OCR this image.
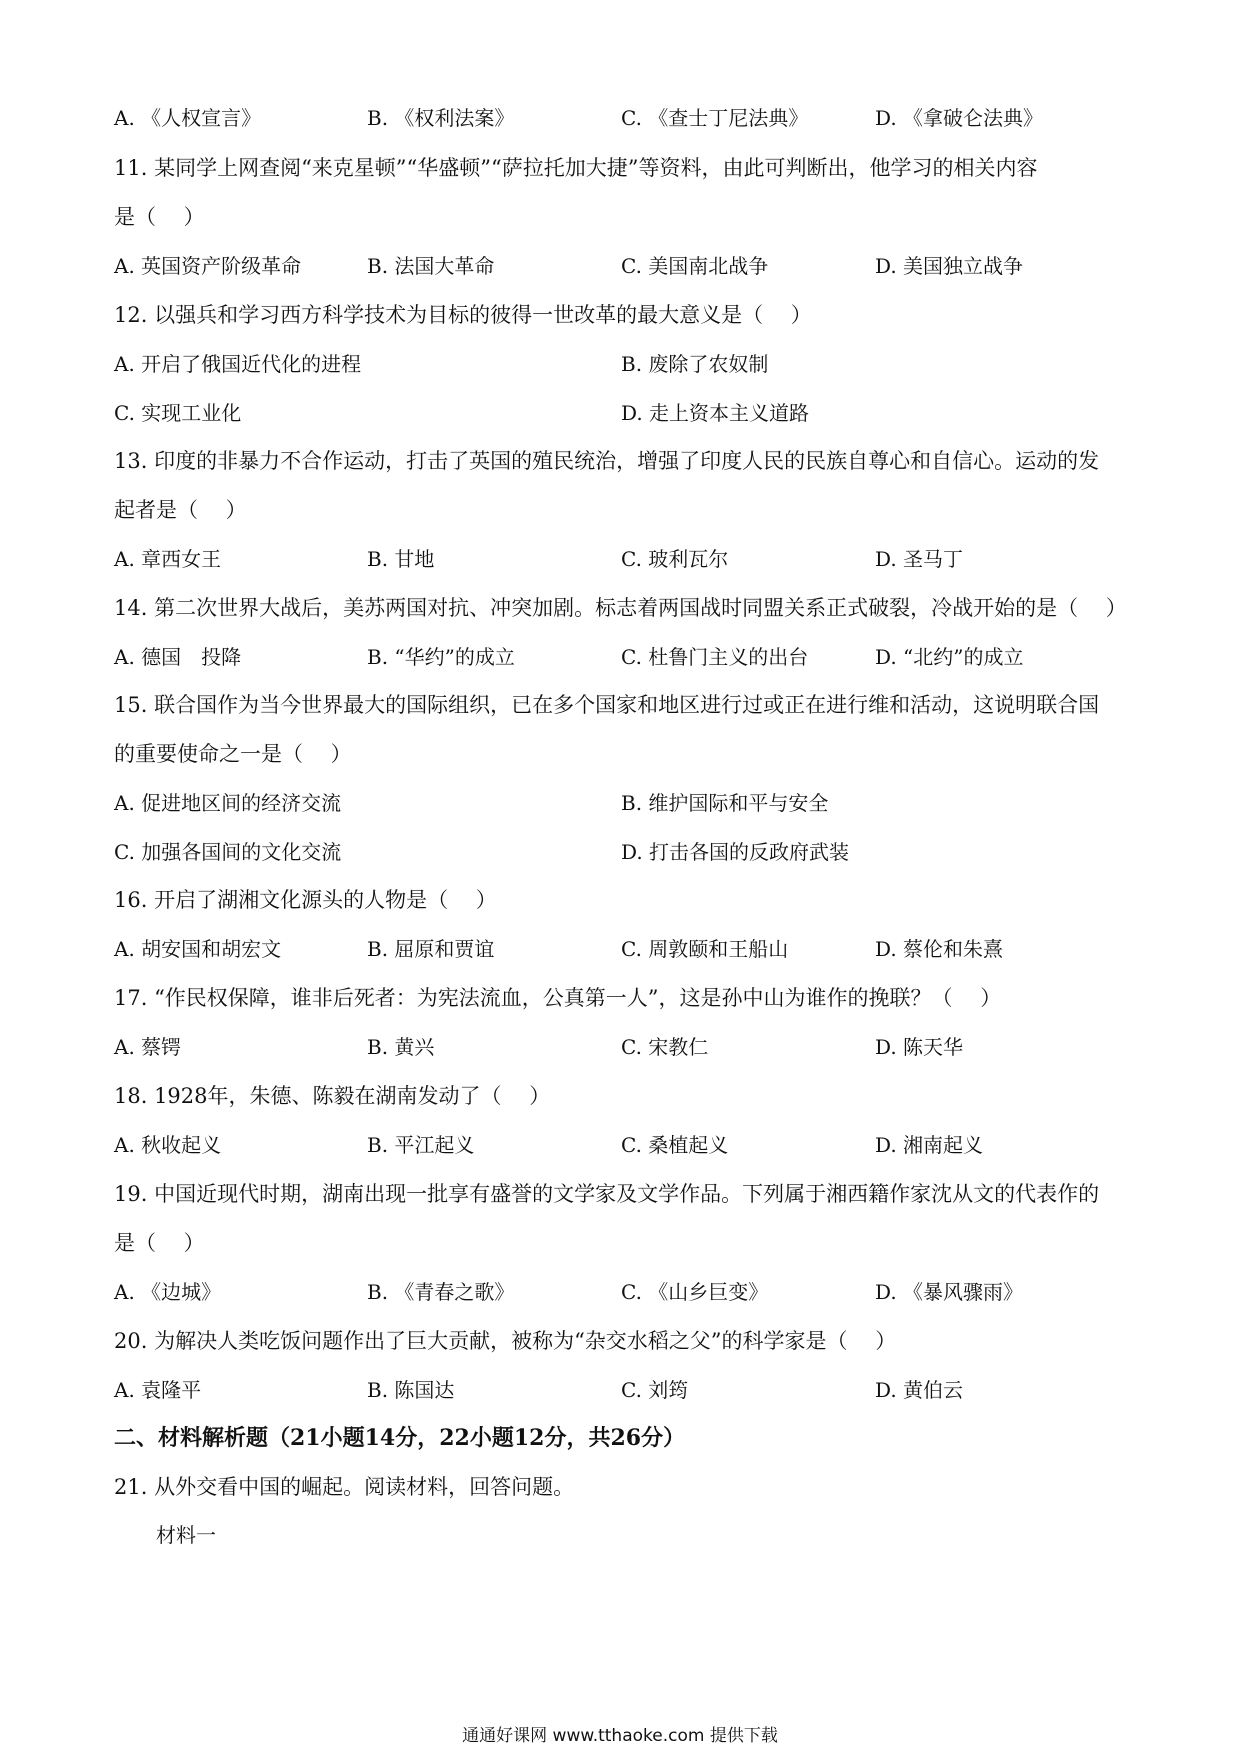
A. 《人权宣言》	B. 《权利法案》	C. 《查士丁尼法典》	D. 《拿破仑法典》
11. 某同学上网查阅“来克星顿”“华盛顿”“萨拉托加大捷”等资料，由此可判断出，他学习的相关内容
是（　 ）
A. 英国资产阶级革命	B. 法国大革命	C. 美国南北战争	D. 美国独立战争
12. 以强兵和学习西方科学技术为目标的彼得一世改革的最大意义是（　 ）
A. 开启了俄国近代化的进程	B. 废除了农奴制
C. 实现工业化	D. 走上资本主义道路
13. 印度的非暴力不合作运动，打击了英国的殖民统治，增强了印度人民的民族自尊心和自信心。运动的发
起者是（　 ）
A. 章西女王	B. 甘地	C. 玻利瓦尔	D. 圣马丁
14. 第二次世界大战后，美苏两国对抗、冲突加剧。标志着两国战时同盟关系正式破裂，冷战开始的是（　 ）
A. 德国　投降	B. “华约”的成立	C. 杜鲁门主义的出台	D. “北约”的成立
15. 联合国作为当今世界最大的国际组织，已在多个国家和地区进行过或正在进行维和活动，这说明联合国
的重要使命之一是（　 ）
A. 促进地区间的经济交流	B. 维护国际和平与安全
C. 加强各国间的文化交流	D. 打击各国的反政府武装
16. 开启了湖湘文化源头的人物是（　 ）
A. 胡安国和胡宏文	B. 屈原和贾谊	C. 周敦颐和王船山	D. 蔡伦和朱熹
17. “作民权保障，谁非后死者：为宪法流血，公真第一人”，这是孙中山为谁作的挽联？（　 ）
A. 蔡锷	B. 黄兴	C. 宋教仁	D. 陈天华
18. 1928年，朱德、陈毅在湖南发动了（　 ）
A. 秋收起义	B. 平江起义	C. 桑植起义	D. 湘南起义
19. 中国近现代时期，湖南出现一批享有盛誉的文学家及文学作品。下列属于湘西籍作家沈从文的代表作的
是（　 ）
A. 《边城》	B. 《青春之歌》	C. 《山乡巨变》	D. 《暴风骤雨》
20. 为解决人类吃饭问题作出了巨大贡献，被称为“杂交水稻之父”的科学家是（　 ）
A. 袁隆平	B. 陈国达	C. 刘筠	D. 黄伯云
二、材料解析题（21小题14分，22小题12分，共26分）
21. 从外交看中国的崛起。阅读材料，回答问题。
材料一
通通好课网 www.tthaoke.com 提供下载
